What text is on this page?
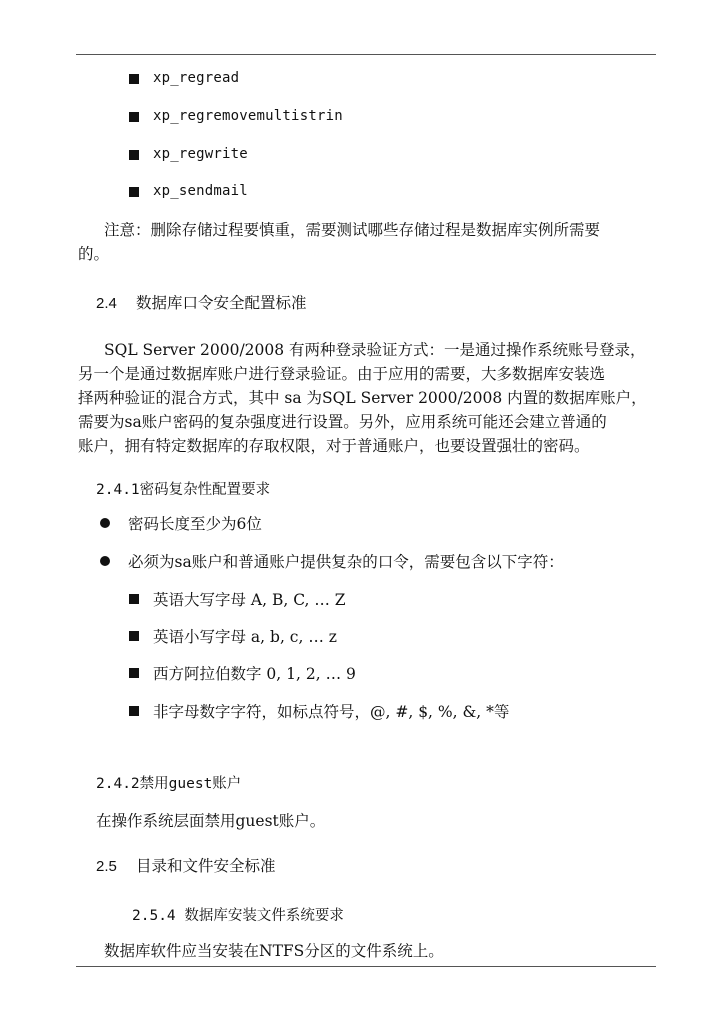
xp_regread
xp_regremovemultistrin
xp_regwrite
xp_sendmail
注意：删除存储过程要慎重，需要测试哪些存储过程是数据库实例所需要
的。
2.4 数据库口令安全配置标准
SQL Server 2000/2008 有两种登录验证方式：一是通过操作系统账号登录，
另一个是通过数据库账户进行登录验证。由于应用的需要，大多数据库安装选
择两种验证的混合方式，其中 sa 为SQL Server 2000/2008 内置的数据库账户，
需要为sa账户密码的复杂强度进行设置。另外，应用系统可能还会建立普通的
账户，拥有特定数据库的存取权限，对于普通账户，也要设置强壮的密码。
2.4.1密码复杂性配置要求
密码长度至少为6位
必须为sa账户和普通账户提供复杂的口令，需要包含以下字符：
英语大写字母 A, B, C, … Z
英语小写字母 a, b, c, … z
西方阿拉伯数字 0, 1, 2, … 9
非字母数字字符，如标点符号，@, #, $, %, &, *等
2.4.2禁用guest账户
在操作系统层面禁用guest账户。
2.5 目录和文件安全标准
2.5.4 数据库安装文件系统要求
数据库软件应当安装在NTFS分区的文件系统上。
